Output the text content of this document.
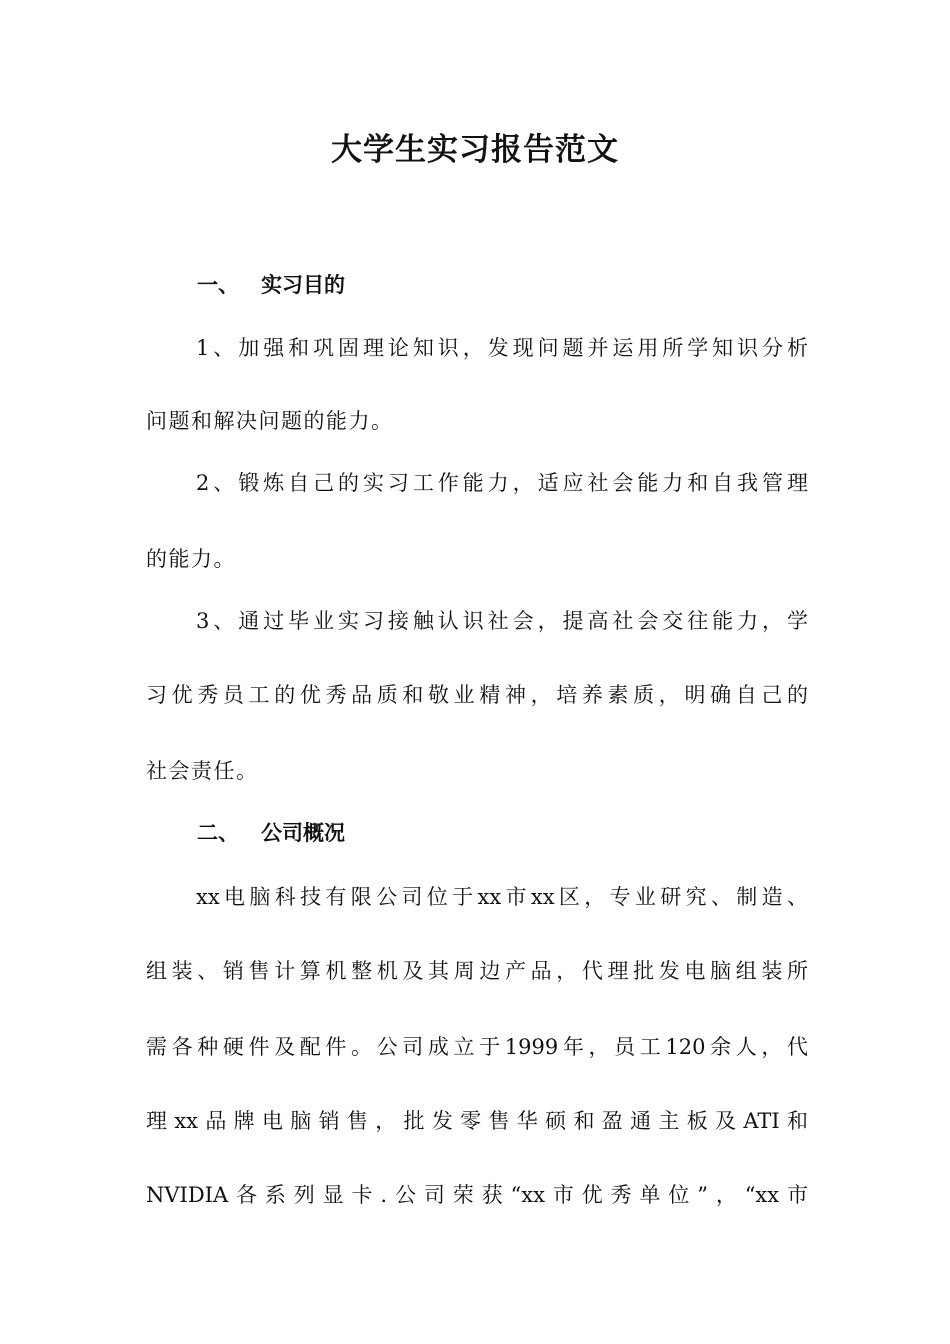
大学生实习报告范文
一、 实习目的
1、加强和巩固理论知识，发现问题并运用所学知识分析
问题和解决问题的能力。
2、锻炼自己的实习工作能力，适应社会能力和自我管理
的能力。
3、通过毕业实习接触认识社会，提高社会交往能力，学
习优秀员工的优秀品质和敬业精神，培养素质，明确自己的
社会责任。
二、 公司概况
xx电脑科技有限公司位于xx市xx区，专业研究、制造、
组装、销售计算机整机及其周边产品，代理批发电脑组装所
需各种硬件及配件。公司成立于1999年，员工120余人，代
理xx品牌电脑销售，批发零售华硕和盈通主板及ATI和
NVIDIA各系列显卡.公司荣获“xx市优秀单位”，“xx市
